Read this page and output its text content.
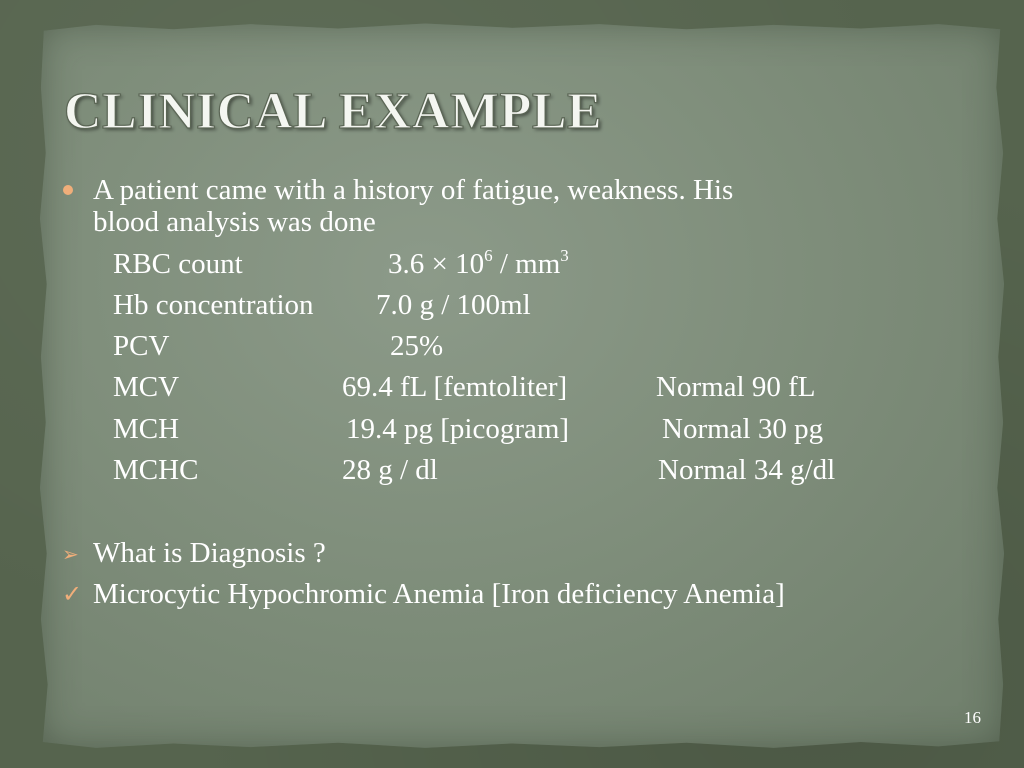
CLINICAL EXAMPLE
A patient came with a history of fatigue, weakness. His
blood analysis was done
RBC count	$3.6 \times 10^6 / mm^3$
Hb concentration 7.0 g / 100ml
PCV	25%
MCV	69.4 fL [femtoliter]	Normal 90 fL
MCH	19.4 pg [picogram]	Normal 30 pg
MCHC	28 g / dl	Normal 34 g/dl
➢ What is Diagnosis ?
✓ Microcytic Hypochromic Anemia [Iron deficiency Anemia]
16
